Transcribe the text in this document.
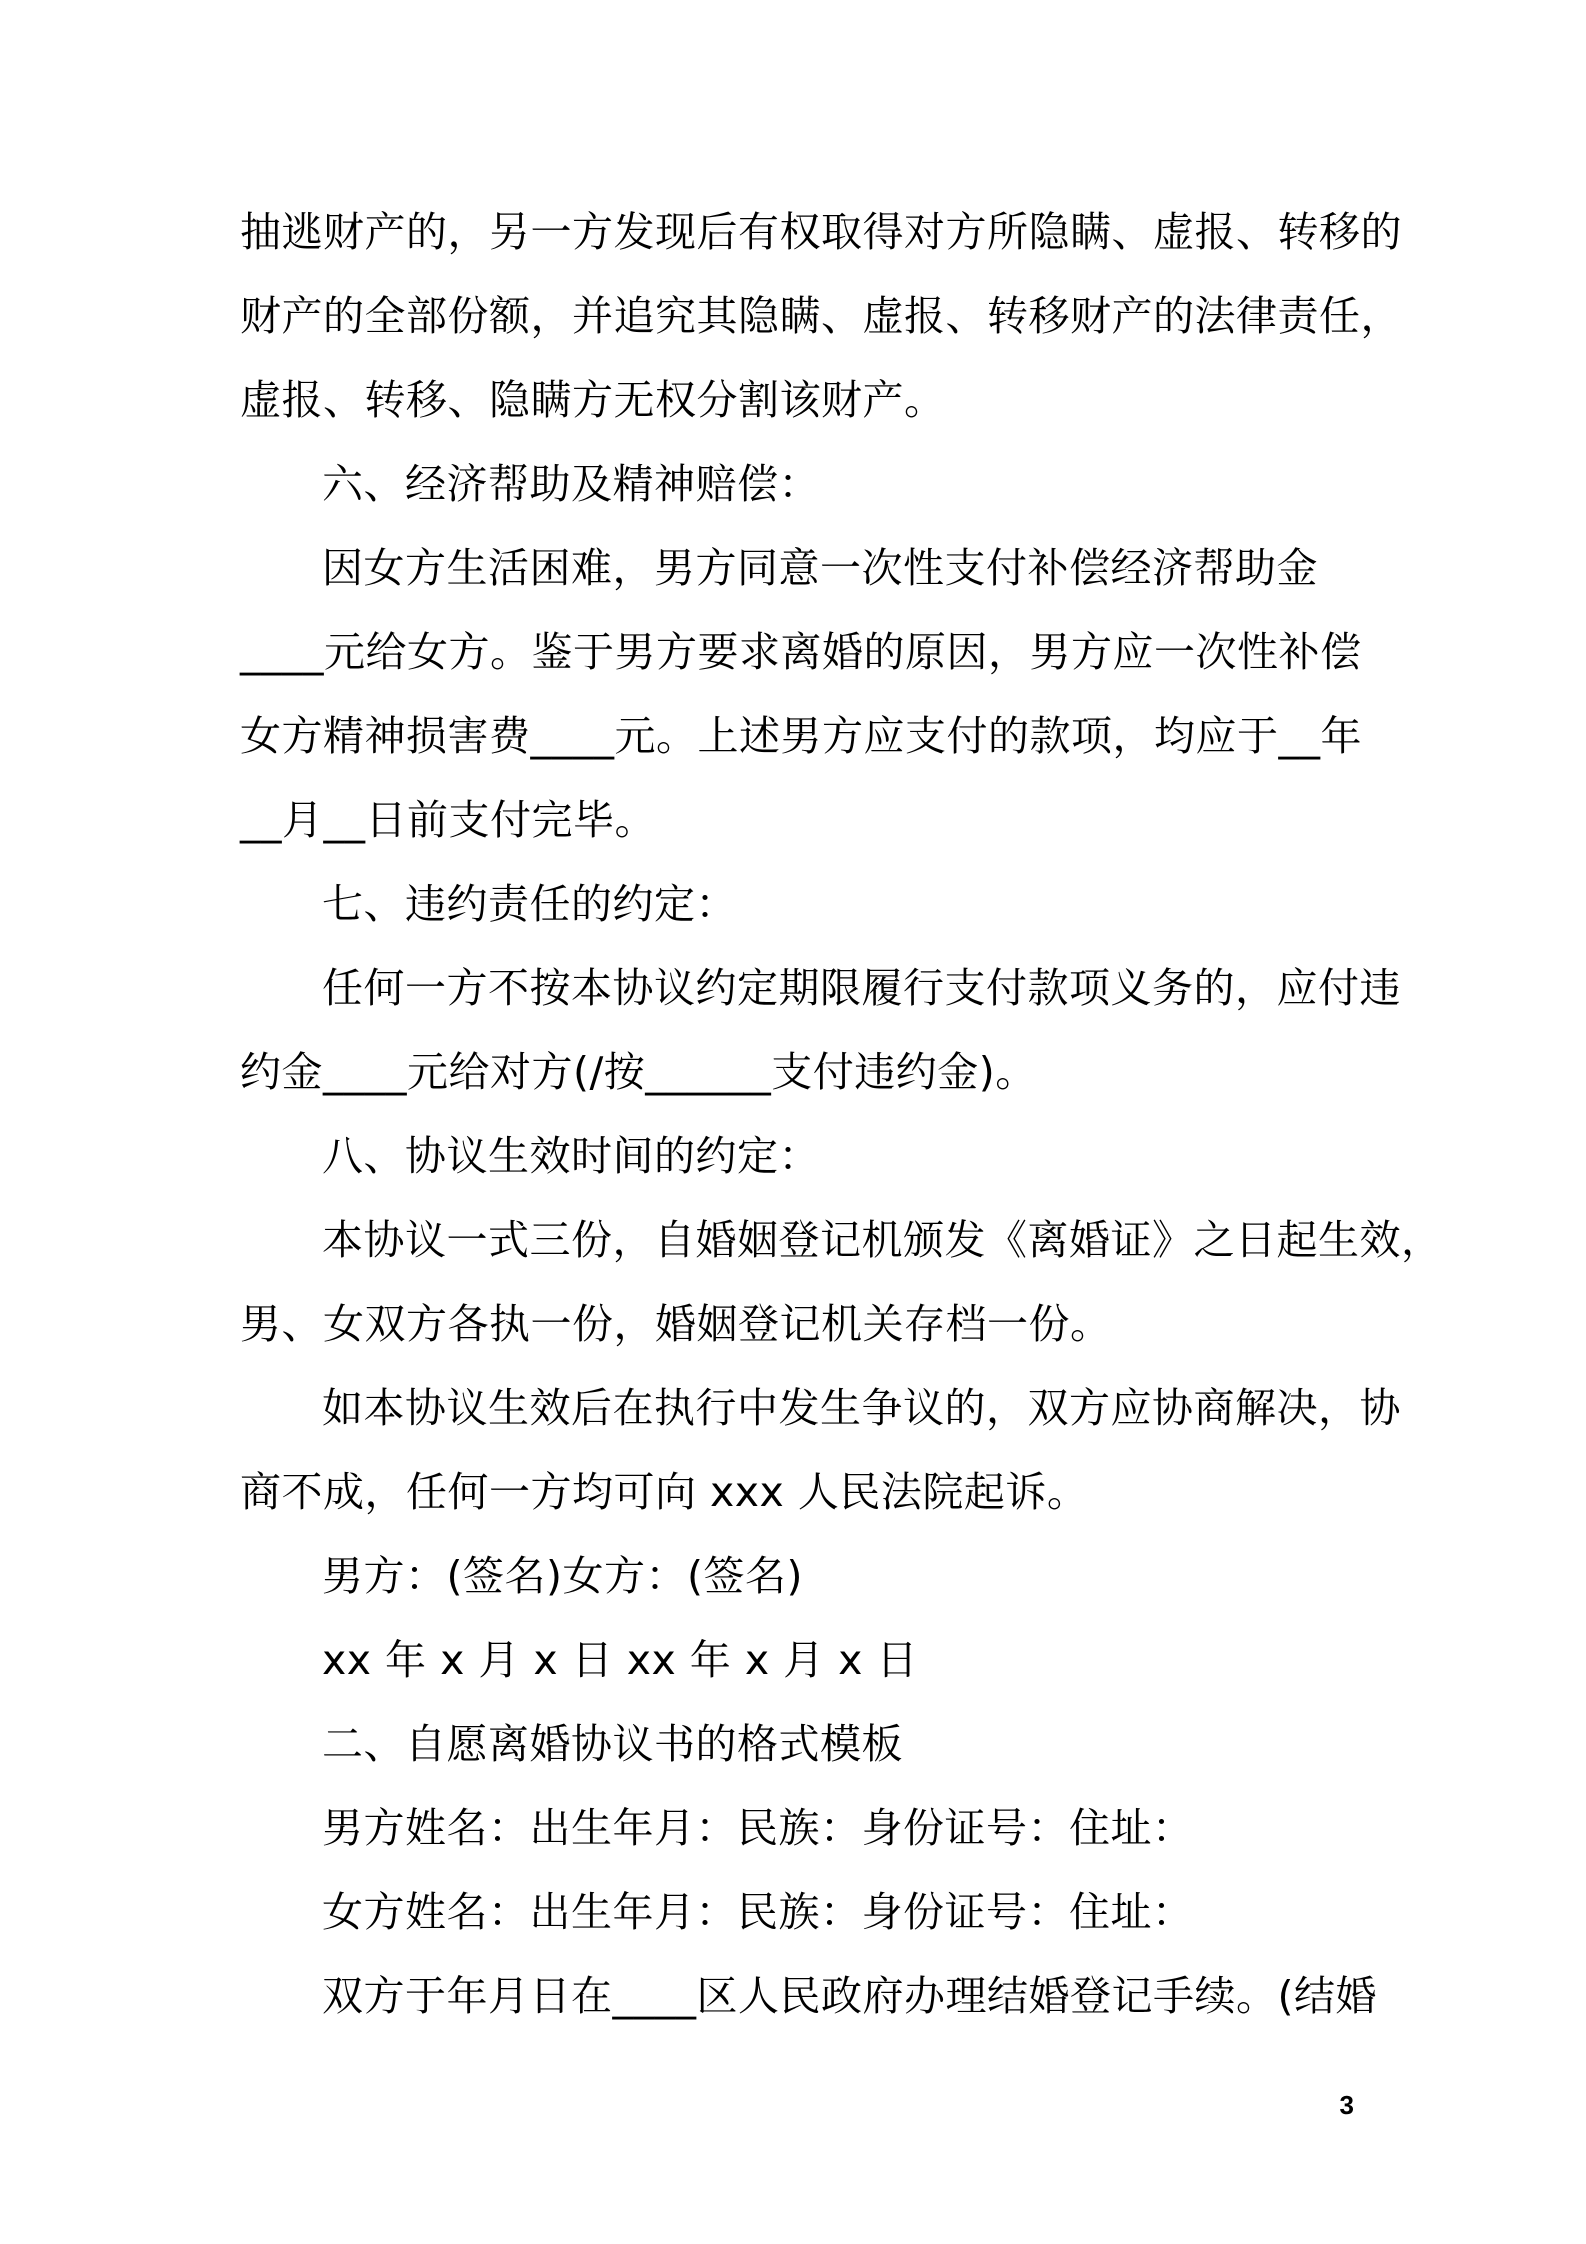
抽逃财产的，另一方发现后有权取得对方所隐瞒、虚报、转移的
财产的全部份额，并追究其隐瞒、虚报、转移财产的法律责任，
虚报、转移、隐瞒方无权分割该财产。
六、经济帮助及精神赔偿：
因女方生活困难，男方同意一次性支付补偿经济帮助金
____元给女方。鉴于男方要求离婚的原因，男方应一次性补偿
女方精神损害费____元。上述男方应支付的款项，均应于__年
__月__日前支付完毕。
七、违约责任的约定：
任何一方不按本协议约定期限履行支付款项义务的，应付违
约金____元给对方(/按______支付违约金)。
八、协议生效时间的约定：
本协议一式三份，自婚姻登记机颁发《离婚证》之日起生效，
男、女双方各执一份，婚姻登记机关存档一份。
如本协议生效后在执行中发生争议的，双方应协商解决，协
商不成，任何一方均可向 xxx 人民法院起诉。
男方：(签名)女方：(签名)
xx 年 x 月 x 日 xx 年 x 月 x 日
二、自愿离婚协议书的格式模板
男方姓名：出生年月：民族：身份证号：住址：
女方姓名：出生年月：民族：身份证号：住址：
双方于年月日在____区人民政府办理结婚登记手续。(结婚
3
